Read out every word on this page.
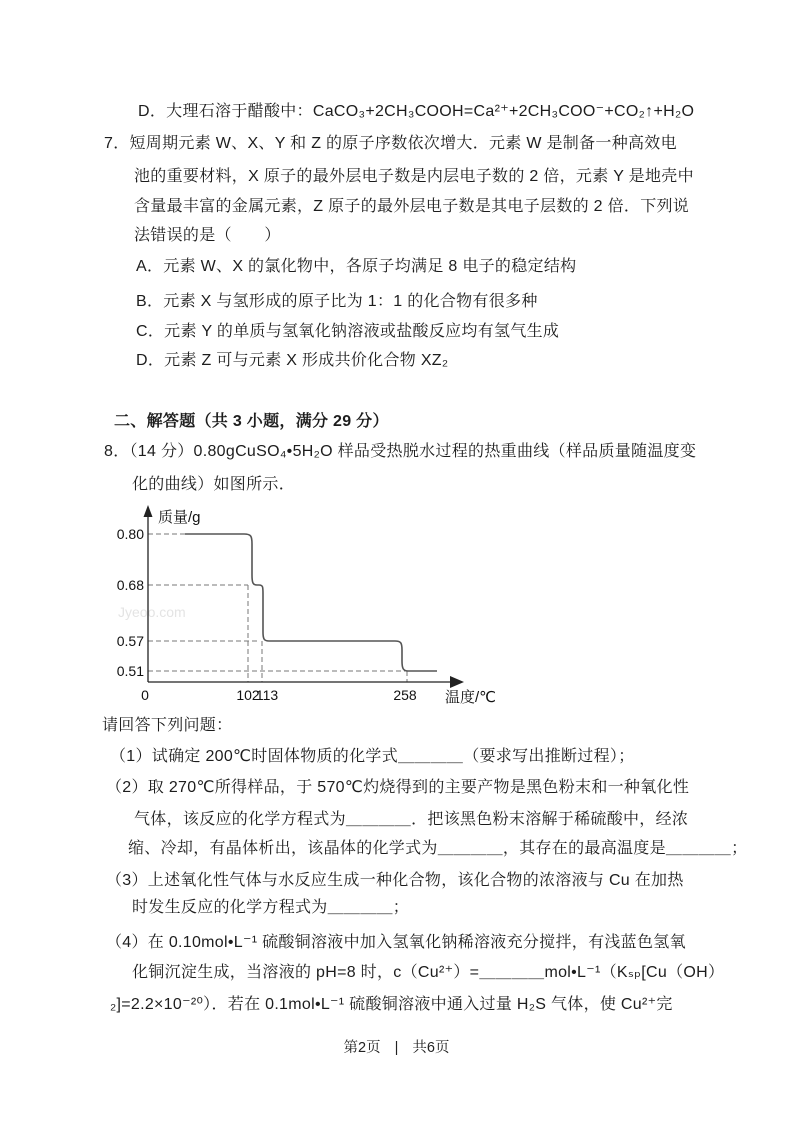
D．大理石溶于醋酸中：CaCO₃+2CH₃COOH=Ca²⁺+2CH₃COO⁻+CO₂↑+H₂O
7．短周期元素 W、X、Y 和 Z 的原子序数依次增大．元素 W 是制备一种高效电
池的重要材料，X 原子的最外层电子数是内层电子数的 2 倍，元素 Y 是地壳中
含量最丰富的金属元素，Z 原子的最外层电子数是其电子层数的 2 倍．下列说
法错误的是（　　）
A．元素 W、X 的氯化物中，各原子均满足 8 电子的稳定结构
B．元素 X 与氢形成的原子比为 1：1 的化合物有很多种
C．元素 Y 的单质与氢氧化钠溶液或盐酸反应均有氢气生成
D．元素 Z 可与元素 X 形成共价化合物 XZ₂
二、解答题（共 3 小题，满分 29 分）
8．（14 分）0.80gCuSO₄•5H₂O 样品受热脱水过程的热重曲线（样品质量随温度变
化的曲线）如图所示．
请回答下列问题：
（1）试确定 200℃时固体物质的化学式＿＿＿＿（要求写出推断过程）；
（2）取 270℃所得样品，于 570℃灼烧得到的主要产物是黑色粉末和一种氧化性
气体，该反应的化学方程式为＿＿＿＿．把该黑色粉末溶解于稀硫酸中，经浓
缩、冷却，有晶体析出，该晶体的化学式为＿＿＿＿，其存在的最高温度是＿＿＿＿；
（3）上述氧化性气体与水反应生成一种化合物，该化合物的浓溶液与 Cu 在加热
时发生反应的化学方程式为＿＿＿＿；
（4）在 0.10mol•L⁻¹ 硫酸铜溶液中加入氢氧化钠稀溶液充分搅拌，有浅蓝色氢氧
化铜沉淀生成，当溶液的 pH=8 时，c（Cu²⁺）=＿＿＿＿mol•L⁻¹（Kₛₚ[Cu（OH）
₂]=2.2×10⁻²⁰）．若在 0.1mol•L⁻¹ 硫酸铜溶液中通入过量 H₂S 气体，使 Cu²⁺完
Jyeoo.com
质量/g
温度/℃
0.80
0.68
0.57
0.51
0	102
113	258
第2页 | 共6页
